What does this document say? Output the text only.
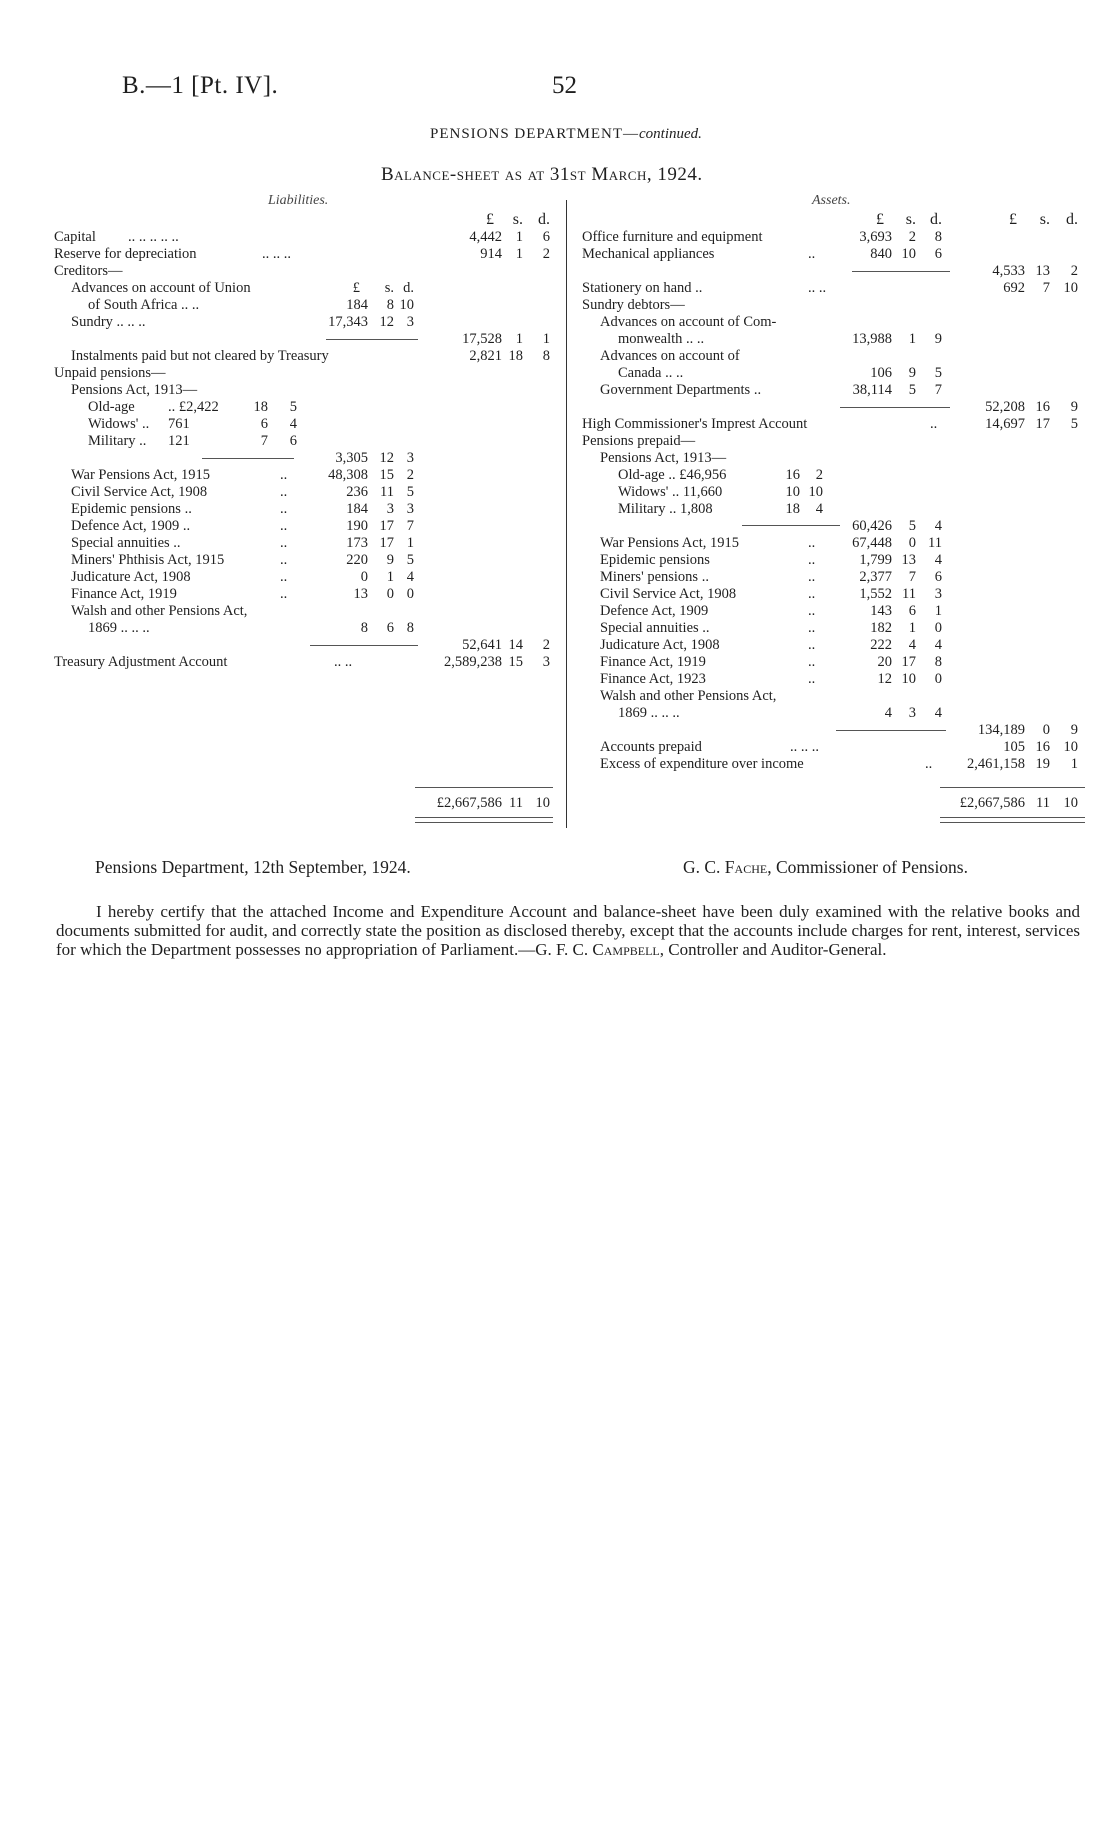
B.—1 [Pt. IV].	52
PENSIONS DEPARTMENT—continued.
Balance-sheet as at 31st March, 1924.
Liabilities.	Assets.
£	s. d.
Capital .. .. .. .. ..	4,442 1	6
Reserve for depreciation	.. .. ..	914 1	2
Creditors—
Advances on account of Union	£	s. d.
of South Africa .. ..	184	8 10
Sundry .. .. ..	17,343 12 3
17,528 1	1
Instalments paid but not cleared by Treasury	2,821 18	8
Unpaid pensions—
Pensions Act, 1913—
Old-age .. £2,422	18	5
Widows' .. 761	6	4
Military .. 121	7	6
3,305 12 3
War Pensions Act, 1915	..	48,308 15 2
Civil Service Act, 1908	..	236 11 5
Epidemic pensions ..	..	184	3 3
Defence Act, 1909 ..	..	190 17 7
Special annuities ..	..	173 17 1
Miners' Phthisis Act, 1915	..	220	9 5
Judicature Act, 1908	..	0	1 4
Finance Act, 1919	..	13	0 0
Walsh and other Pensions Act,
1869 .. .. ..	8	6 8
52,641 14	2
Treasury Adjustment Account	.. ..	2,589,238 15	3
£2,667,586 11 10
£	s.	d.
£	s. d.
Office furniture and equipment	3,693	2	8
Mechanical appliances	..	840 10	6
4,533 13	2
Stationery on hand ..	.. ..	692	7 10
Sundry debtors—
Advances on account of Com-
monwealth .. ..	13,988	1	9
Advances on account of
Canada .. ..	106	9	5
Government Departments ..	38,114	5	7
52,208 16	9
High Commissioner's Imprest Account	..	14,697 17	5
Pensions prepaid—
Pensions Act, 1913—
Old-age .. £46,956	16	2
Widows' .. 11,660	10 10
Military .. 1,808	18	4
60,426	5	4
War Pensions Act, 1915	..	67,448	0 11
Epidemic pensions	..	1,799 13	4
Miners' pensions ..	..	2,377	7	6
Civil Service Act, 1908	..	1,552 11	3
Defence Act, 1909	..	143	6	1
Special annuities ..	..	182	1	0
Judicature Act, 1908	..	222	4	4
Finance Act, 1919	..	20 17	8
Finance Act, 1923	..	12 10	0
Walsh and other Pensions Act,
1869 .. .. ..	4	3	4
134,189	0	9
Accounts prepaid	.. .. ..	105 16 10
Excess of expenditure over income	..	2,461,158 19	1
£2,667,586 11 10
Pensions Department, 12th September, 1924.	G. C. Fache, Commissioner of Pensions.
I hereby certify that the attached Income and Expenditure Account and balance-sheet have been duly examined with the relative books and documents submitted for audit, and correctly state the position as disclosed thereby, except that the accounts include charges for rent, interest, services for which the Department possesses no appropriation of Parliament.—G. F. C. Campbell, Controller and Auditor-General.
